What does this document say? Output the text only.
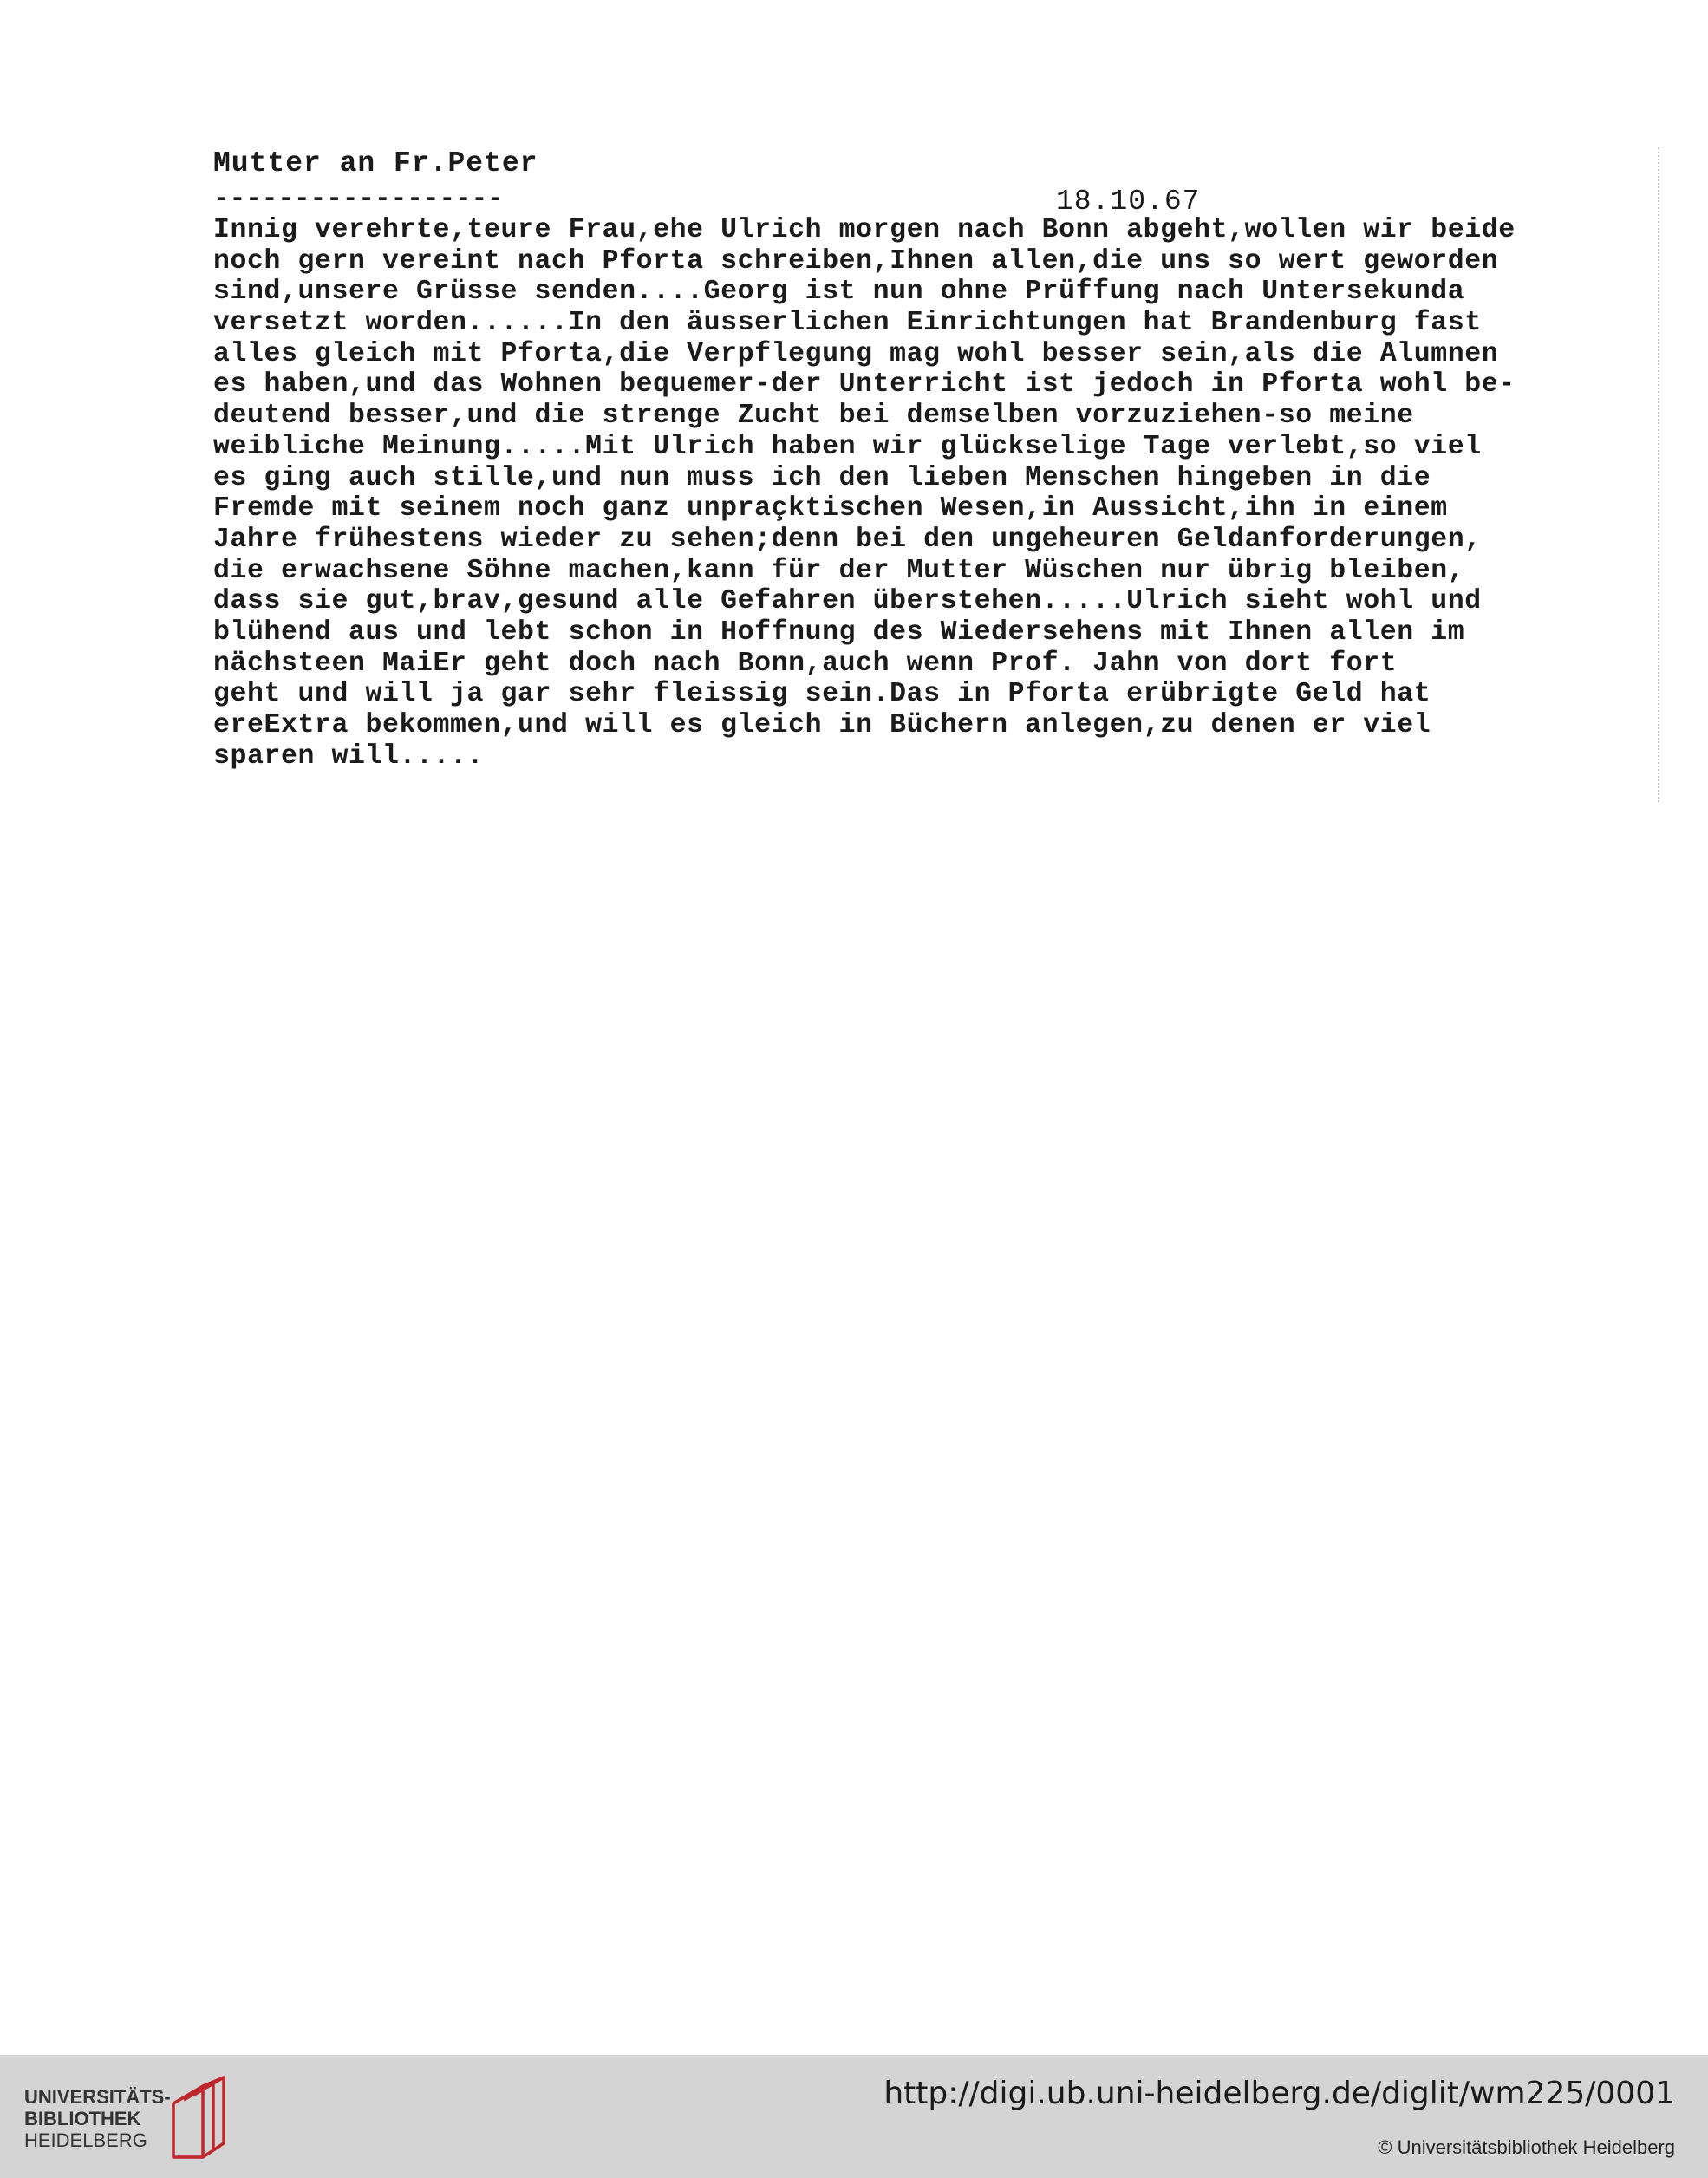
Mutter an Fr.Peter
------------------	18.10.67
Innig verehrte,teure Frau,ehe Ulrich morgen nach Bonn abgeht,wollen wir beide
noch gern vereint nach Pforta schreiben,Ihnen allen,die uns so wert geworden
sind,unsere Grüsse senden....Georg ist nun ohne Prüffung nach Untersekunda
versetzt worden......In den äusserlichen Einrichtungen hat Brandenburg fast
alles gleich mit Pforta,die Verpflegung mag wohl besser sein,als die Alumnen
es haben,und das Wohnen bequemer-der Unterricht ist jedoch in Pforta wohl be-
deutend besser,und die strenge Zucht bei demselben vorzuziehen-so meine
weibliche Meinung.....Mit Ulrich haben wir glückselige Tage verlebt,so viel
es ging auch stille,und nun muss ich den lieben Menschen hingeben in die
Fremde mit seinem noch ganz unpraçktischen Wesen,in Aussicht,ihn in einem
Jahre frühestens wieder zu sehen;denn bei den ungeheuren Geldanforderungen,
die erwachsene Söhne machen,kann für der Mutter Wüschen nur übrig bleiben,
dass sie gut,brav,gesund alle Gefahren überstehen.....Ulrich sieht wohl und
blühend aus und lebt schon in Hoffnung des Wiedersehens mit Ihnen allen im
nächsteen MaiEr geht doch nach Bonn,auch wenn Prof. Jahn von dort fort
geht und will ja gar sehr fleissig sein.Das in Pforta erübrigte Geld hat
ereExtra bekommen,und will es gleich in Büchern anlegen,zu denen er viel
sparen will.....
UNIVERSITÄTS-
BIBLIOTHEK
HEIDELBERG
http://digi.ub.uni-heidelberg.de/diglit/wm225/0001
© Universitätsbibliothek Heidelberg
